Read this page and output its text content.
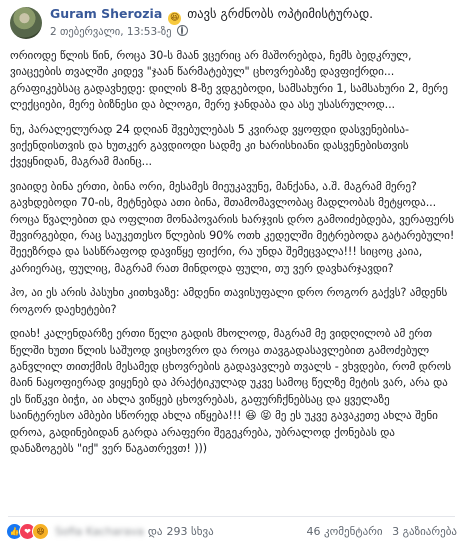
Guram Sherozia 😆 თავს გრძნობს ოპტიმისტურად.
2 თებერვალი, 13:53-ზე

ორიოდე წლის წინ, როცა 30-ს მაან ვცერიც არ მაშორებდა, ჩემს ბედკრულ, ვიაცეების თვალში კიდევ "ჯაან წარმატებულ" ცხოვრებაზე დავფიქრდი... გრაფიკებსაც გადავხედე: დილის 8-ზე ვდგებოდი, სამსახური 1, სამსახური 2, მერე ლექციები, მერე ბიზნესი და ბლოგი, მერე ჯანდაბა და ასე უსასრულოდ...

ნუ, პარალელურად 24 დღიან შვებულებას 5 კვირად ვყოფდი დასვენებისა- ვიქენდისთვის და ხუთკერ გავდიოდი სადმე კი ხარისხიანი დასვენებისთვის ქვეყნიდან, მაგრამ მაინც...

ვიაიდე ბინა ერთი, ბინა ორი, მესამეს მიეუკავუნე, მანქანა, ა.შ. მაგრამ მერე? გავხდებოდი 70-ის, მეტნებდა ათი ბინა, შთამომავლობაც მადლობას მეტყოდა... როცა წვალებით და ოფლით მონაპოვარის ხარჯვის დრო გამოიძებდება, ვერაფერს შევირგებდი, რაც საუკეთესო წლების 90% ოთხ კედელში მეტრებოდა გატარებული! შეეეზრდა და სასწრაფოდ დავიწყე ფიქრი, რა უნდა შემეცვალა!!! სიცოც კაია, კარიერაც, ფულიც, მაგრამ რათ მინდოდა ფული, თუ ვერ დავხარჯავდი?

ჰო, აი ეს არის პასუხი კითხვაზე: ამდენი თავისუფალი დრო როგორ გაქვს? ამდენს როგორ დაეხეტები?

დიახ! კალენდარზე ერთი წელი გადის მხოლოდ, მაგრამ მე ვიდღილობ ამ ერთ წელში ხუთი წლის საშუოდ ვიცხოვრო და როცა თავგადასავლებით გამოძებულ განვლილ თითქმის მესამედ ცხოვრების გადავავლებ თვალს - ვხვდები, რომ დროს მაინ ნაყოფიერად ვიყენებ და პრაქტიკულად უკვე სამოც წელზე მეტის ვარ, არა და ეს წიწკვი ბიჭი, აი ახლა ვიწყებ ცხოვრებას, გაფურჩქნებსაც და ყველაზე საინტერესო ამბები სწორედ ახლა იწყება!!! 😆 😝 მე ეს უკვე გავაკეთე ახლა შენი დროა, გადინებიდან გარდა არაფერი შეგეკრება, უბრალოდ ქონებას და დანაზოგებს "იქ" ვერ წაგათრევთ! )))

👍 ❤ 😆 Sofia Kacharava და 293 სხვა	46 კომენტარი 3 გაზიარება
